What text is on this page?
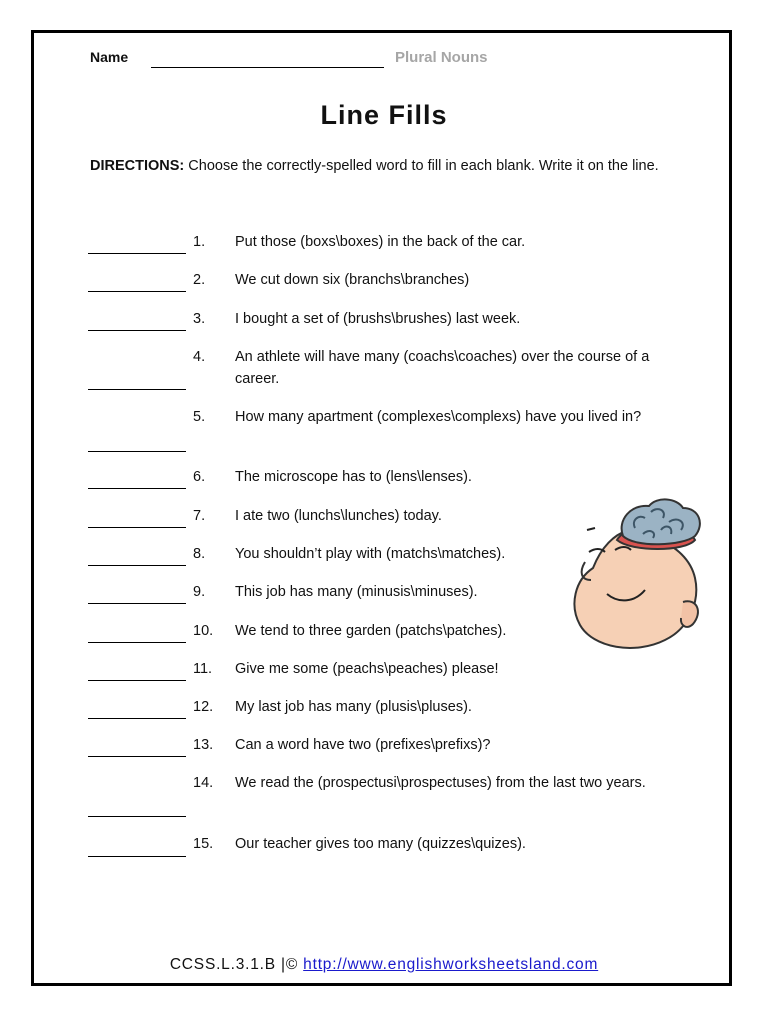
Name	Plural Nouns
Line Fills
DIRECTIONS: Choose the correctly-spelled word to fill in each blank. Write it on the line.
1. Put those (boxs\boxes) in the back of the car.
2. We cut down six (branchs\branches)
3. I bought a set of (brushs\brushes) last week.
4. An athlete will have many (coachs\coaches) over the course of a career.
5. How many apartment (complexes\complexs) have you lived in?
6. The microscope has to (lens\lenses).
7. I ate two (lunchs\lunches) today.
8. You shouldn’t play with (matchs\matches).
9. This job has many (minusis\minuses).
10. We tend to three garden (patchs\patches).
11. Give me some (peachs\peaches) please!
12. My last job has many (plusis\pluses).
13. Can a word have two (prefixes\prefixs)?
14. We read the (prospectusi\prospectuses) from the last two years.
15. Our teacher gives too many (quizzes\quizes).
CCSS.L.3.1.B |© http://www.englishworksheetsland.com
